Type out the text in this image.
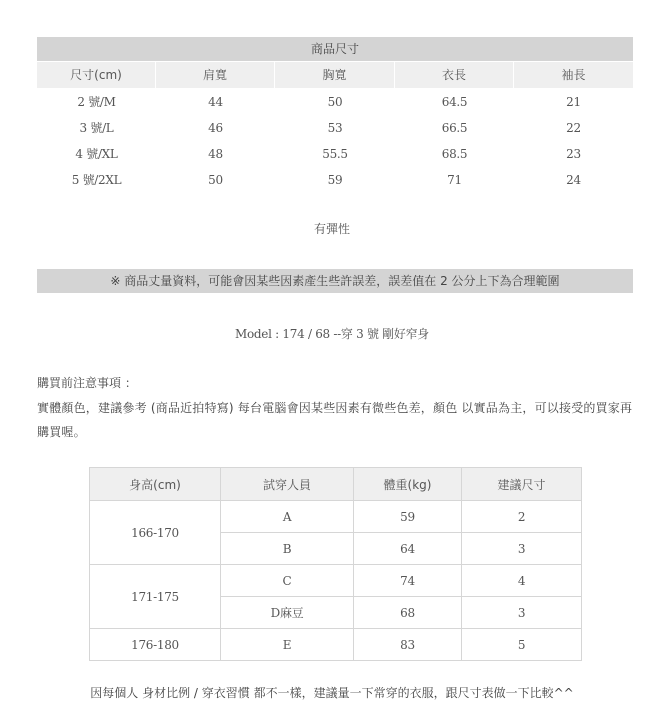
商品尺寸
尺寸(cm)	肩寬	胸寬	衣長	袖長
2 號/M	44	50	64.5	21
3 號/L	46	53	66.5	22
4 號/XL	48	55.5	68.5	23
5 號/2XL	50	59	71	24
有彈性
※ 商品丈量資料，可能會因某些因素產生些許誤差，誤差值在 2 公分上下為合理範圍
Model : 174 / 68 --穿 3 號 剛好窄身
購買前注意事項 ：
實體顏色，建議參考 (商品近拍特寫) 每台電腦會因某些因素有微些色差，顏色 以實品為主，可以接受的買家再購買喔。
身高(cm)	試穿人員	體重(kg)	建議尺寸
166-170	A	59	2
	B	64	3
171-175	C	74	4
	D麻豆	68	3
176-180	E	83	5
因每個人 身材比例 / 穿衣習慣 都不一樣，建議量一下常穿的衣服，跟尺寸表做一下比較^^
